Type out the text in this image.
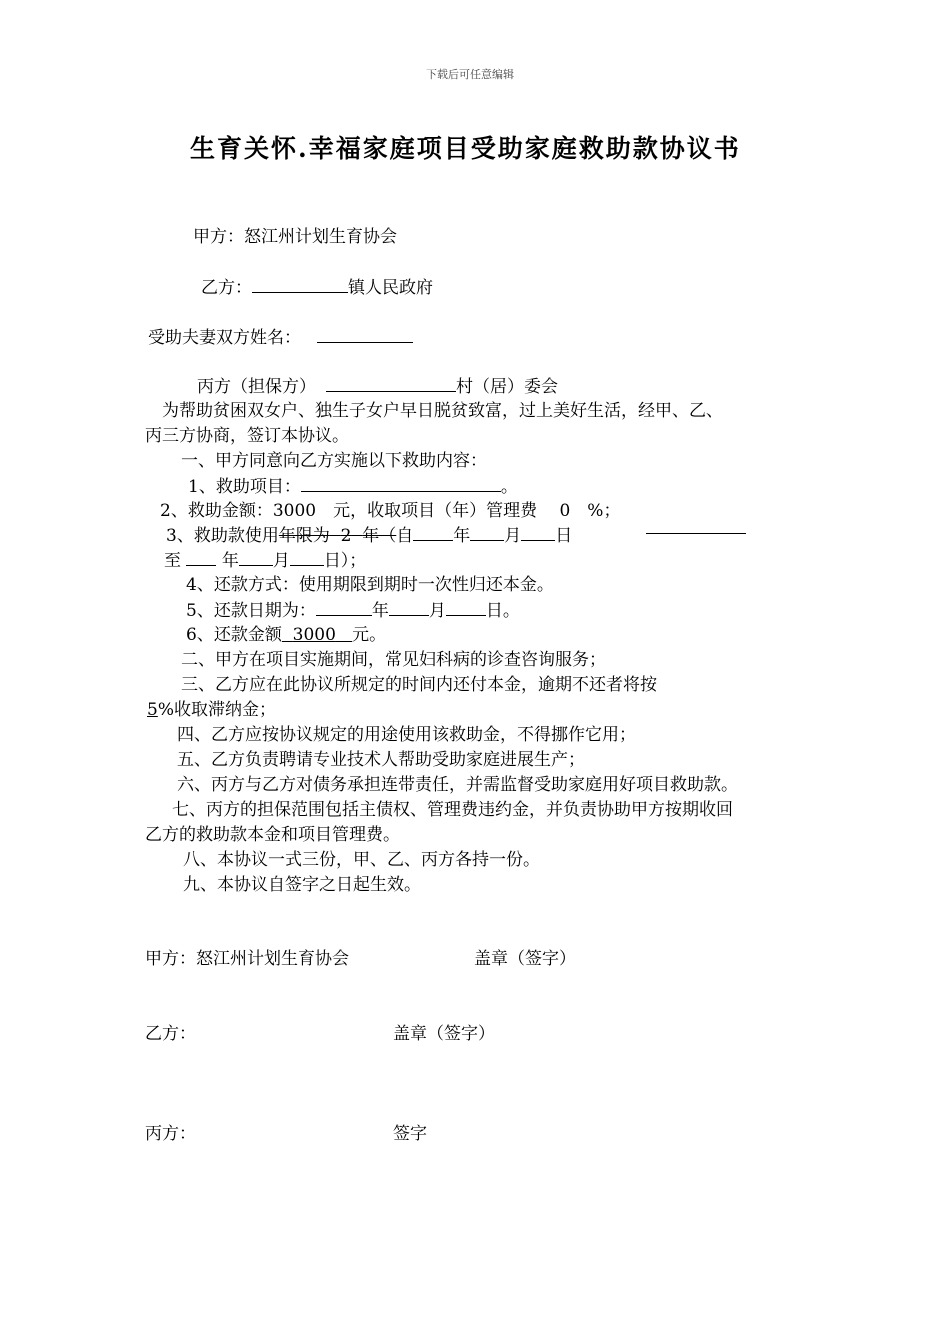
下载后可任意编辑
生育关怀.幸福家庭项目受助家庭救助款协议书
甲方：怒江州计划生育协会
乙方：	镇人民政府
受助夫妻双方姓名：
丙方（担保方）	村（居）委会
为帮助贫困双女户、独生子女户早日脱贫致富，过上美好生活，经甲、乙、
丙三方协商，签订本协议。
一、甲方同意向乙方实施以下救助内容：
1、救助项目：	。
2、救助金额：3000　元，收取项目（年）管理费　 0　%；
3、救助款使用年限为 2 年（自 年 月 日
至 年 月 日）；
4、还款方式：使用期限到期时一次性归还本金。
5、还款日期为：	年 月 日。
6、还款金额 3000 元。
二、甲方在项目实施期间，常见妇科病的诊查咨询服务；
三、乙方应在此协议所规定的时间内还付本金，逾期不还者将按
5%收取滞纳金；
四、乙方应按协议规定的用途使用该救助金，不得挪作它用；
五、乙方负责聘请专业技术人帮助受助家庭进展生产；
六、丙方与乙方对债务承担连带责任，并需监督受助家庭用好项目救助款。
七、丙方的担保范围包括主债权、管理费违约金，并负责协助甲方按期收回
乙方的救助款本金和项目管理费。
八、本协议一式三份，甲、乙、丙方各持一份。
九、本协议自签字之日起生效。
甲方：怒江州计划生育协会	盖章（签字）
乙方：	盖章（签字）
丙方：	签字
